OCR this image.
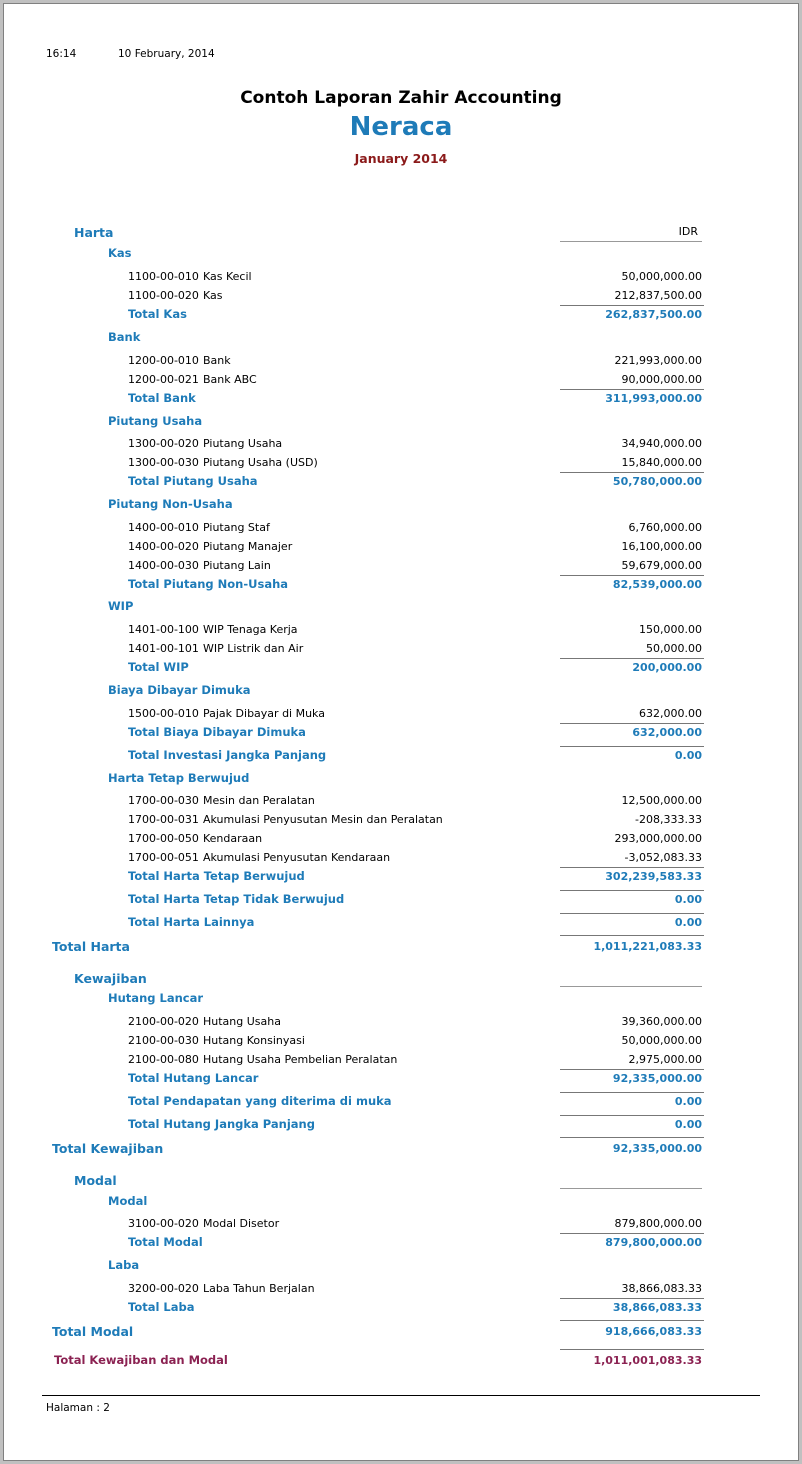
16:14	10 February, 2014
Contoh Laporan Zahir Accounting
Neraca
January 2014
IDR
Harta
Kas
1100-00-010 Kas Kecil	50,000,000.00
1100-00-020 Kas	212,837,500.00
Total Kas	262,837,500.00
Bank
1200-00-010 Bank	221,993,000.00
1200-00-021 Bank ABC	90,000,000.00
Total Bank	311,993,000.00
Piutang Usaha
1300-00-020 Piutang Usaha	34,940,000.00
1300-00-030 Piutang Usaha (USD)	15,840,000.00
Total Piutang Usaha	50,780,000.00
Piutang Non-Usaha
1400-00-010 Piutang Staf	6,760,000.00
1400-00-020 Piutang Manajer	16,100,000.00
1400-00-030 Piutang Lain	59,679,000.00
Total Piutang Non-Usaha	82,539,000.00
WIP
1401-00-100 WIP Tenaga Kerja	150,000.00
1401-00-101 WIP Listrik dan Air	50,000.00
Total WIP	200,000.00
Biaya Dibayar Dimuka
1500-00-010 Pajak Dibayar di Muka	632,000.00
Total Biaya Dibayar Dimuka	632,000.00
Total Investasi Jangka Panjang	0.00
Harta Tetap Berwujud
1700-00-030 Mesin dan Peralatan	12,500,000.00
1700-00-031 Akumulasi Penyusutan Mesin dan Peralatan	-208,333.33
1700-00-050 Kendaraan	293,000,000.00
1700-00-051 Akumulasi Penyusutan Kendaraan	-3,052,083.33
Total Harta Tetap Berwujud	302,239,583.33
Total Harta Tetap Tidak Berwujud	0.00
Total Harta Lainnya	0.00
Total Harta	1,011,221,083.33
Kewajiban
Hutang Lancar
2100-00-020 Hutang Usaha	39,360,000.00
2100-00-030 Hutang Konsinyasi	50,000,000.00
2100-00-080 Hutang Usaha Pembelian Peralatan	2,975,000.00
Total Hutang Lancar	92,335,000.00
Total Pendapatan yang diterima di muka	0.00
Total Hutang Jangka Panjang	0.00
Total Kewajiban	92,335,000.00
Modal
Modal
3100-00-020 Modal Disetor	879,800,000.00
Total Modal	879,800,000.00
Laba
3200-00-020 Laba Tahun Berjalan	38,866,083.33
Total Laba	38,866,083.33
Total Modal	918,666,083.33
Total Kewajiban dan Modal	1,011,001,083.33
Halaman : 2
